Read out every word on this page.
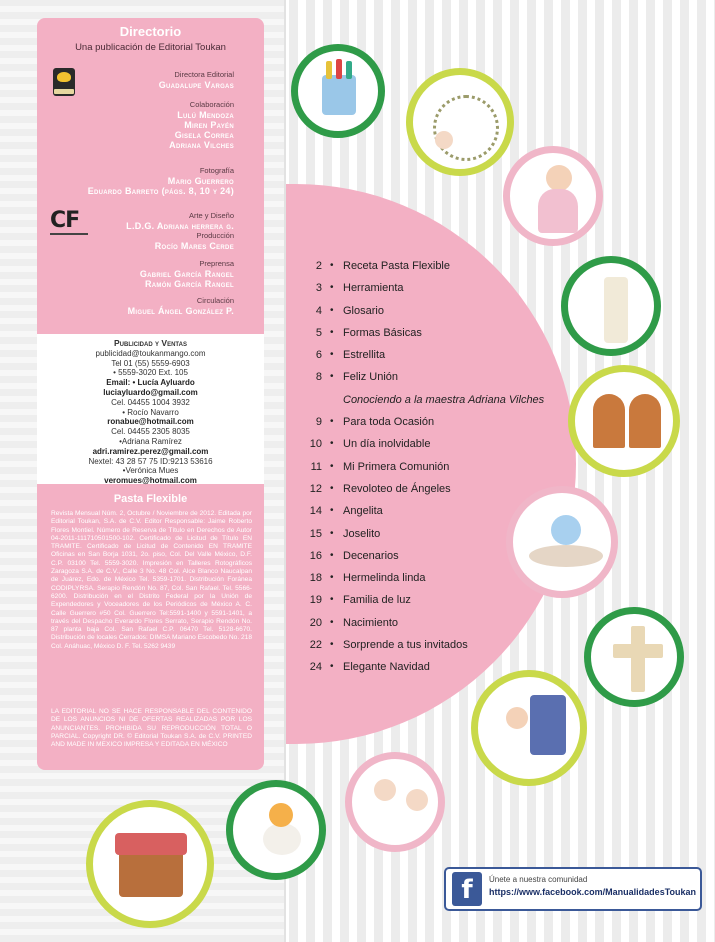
Directorio
Una publicación de Editorial Toukan
Directora Editorial
Guadalupe Vargas
Colaboración
Lulú Mendoza
Miren Payén
Gisela Correa
Adriana Vilches
Fotografía
Mario Guerrero
Eduardo Barreto (págs. 8, 10 y 24)
CF	Arte y Diseño
L.D.G. Adriana herrera g.
Producción
Rocío Mares Cerde
Preprensa
Gabriel García Rangel
Ramón García Rangel
Circulación
Miguel Ángel González P.
Publicidad y Ventas
publicidad@toukanmango.com
Tel 01 (55) 5559-6903
• 5559-3020 Ext. 105
Email: • Lucía Ayluardo
luciayluardo@gmail.com
Cel. 04455 1004 3932
• Rocío Navarro
ronabue@hotmail.com
Cel. 04455 2305 8035
•Adriana Ramírez
adri.ramirez.perez@gmail.com
Nextel: 43 28 57 75 ID:9213 53616
•Verónica Mues
veromues@hotmail.com
Pasta Flexible
Revista Mensual Núm. 2, Octubre / Noviembre de 2012. Editada por Editorial Toukan, S.A. de C.V. Editor Responsable: Jaime Roberto Flores Montiel. Número de Reserva de Título en Derechos de Autor 04-2011-111710501500-102. Certificado de Licitud de Título EN TRAMITE. Certificado de Licitud de Contenido EN TRAMITE Oficinas en San Borja 1031, 2o. piso, Col. Del Valle México, D.F. C.P. 03100 Tel. 5559-3020. Impresión en Talleres Rotográficos Zaragoza S.A. de C.V., Calle 3 No. 48 Col. Alce Blanco Naucalpan de Juárez, Edo. de México Tel. 5359-1701. Distribución Foránea CODIPLYRSA. Serapio Rendón No. 87, Col. San Rafael. Tel. 5566-6200. Distribución en el Distrito Federal por la Unión de Expendedores y Voceadores de los Periódicos de México A. C. Calle Guerrero #50 Col. Guerrero Tel:5591-1400 y 5591-1401, a través del Despacho Everardo Flores Serrato, Serapio Rendón No. 87 planta baja Col. San Rafael C.P. 06470 Tel. 5128-6670. Distribución de locales Cerrados: DIMSA Mariano Escobedo No. 218 Col. Anáhuac, México D. F. Tel. 5262 9439
LA EDITORIAL NO SE HACE RESPONSABLE DEL CONTENIDO DE LOS ANUNCIOS NI DE OFERTAS REALIZADAS POR LOS ANUNCIANTES. PROHIBIDA SU REPRODUCCIÓN TOTAL O PARCIAL. Copyright DR. © Editorial Toukan S.A. de C.V. PRINTED AND MADE IN MEXICO IMPRESA Y EDITADA EN MÉXICO
2 • Receta Pasta Flexible
3 • Herramienta
4 • Glosario
5 • Formas Básicas
6 • Estrellita
8 • Feliz Unión
Conociendo a la maestra Adriana Vilches
9 • Para toda Ocasión
10 • Un día inolvidable
11 • Mi Primera Comunión
12 • Revoloteo de Ángeles
14 • Angelita
15 • Joselito
16 • Decenarios
18 • Hermelinda linda
19 • Familia de luz
20 • Nacimiento
22 • Sorprende a tus invitados
24 • Elegante Navidad
f	Únete a nuestra comunidad
https://www.facebook.com/ManualidadesToukan
